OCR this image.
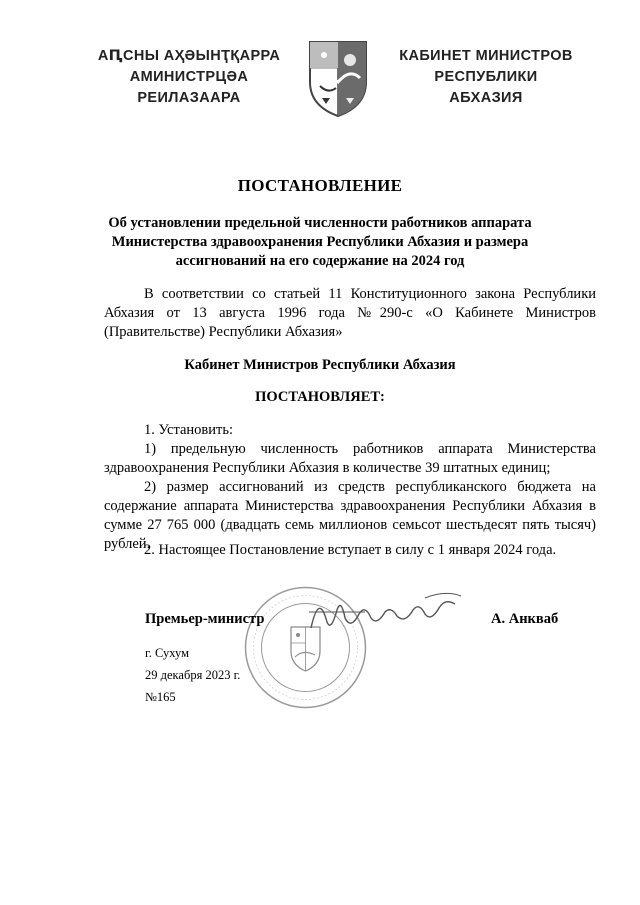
АԤСНЫ АҲӘЫНҬҚАРРА
АМИНИСТРЦӘА РЕИЛАЗААРА
КАБИНЕТ МИНИСТРОВ
РЕСПУБЛИКИ АБХАЗИЯ
ПОСТАНОВЛЕНИЕ
Об установлении предельной численности работников аппарата
Министерства здравоохранения Республики Абхазия и размера
ассигнований на его содержание на 2024 год
В соответствии со статьей 11 Конституционного закона Республики Абхазия от 13 августа 1996 года №290-с «О Кабинете Министров (Правительстве) Республики Абхазия»
Кабинет Министров Республики Абхазия
ПОСТАНОВЛЯЕТ:
1. Установить:
1) предельную численность работников аппарата Министерства здравоохранения Республики Абхазия в количестве 39 штатных единиц;
2) размер ассигнований из средств республиканского бюджета на содержание аппарата Министерства здравоохранения Республики Абхазия в сумме 27 765 000 (двадцать семь миллионов семьсот шестьдесят пять тысяч) рублей.
2. Настоящее Постановление вступает в силу с 1 января 2024 года.
Премьер-министр	А. Анкваб
г. Сухум
29 декабря 2023 г.
№165
